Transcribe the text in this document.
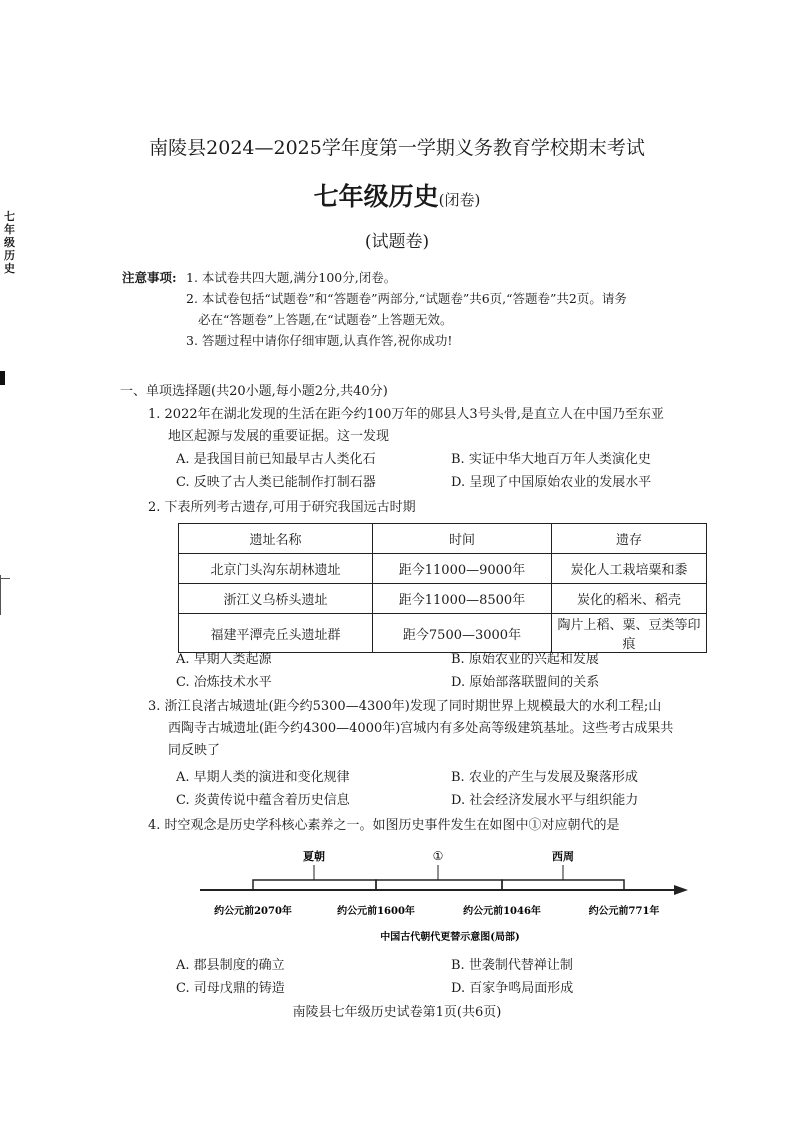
七年级历史
南陵县2024—2025学年度第一学期义务教育学校期末考试
七年级历史(闭卷)
(试题卷)
注意事项: 1. 本试卷共四大题,满分100分,闭卷。
2. 本试卷包括“试题卷”和“答题卷”两部分,“试题卷”共6页,“答题卷”共2页。请务
必在“答题卷”上答题,在“试题卷”上答题无效。
3. 答题过程中请你仔细审题,认真作答,祝你成功!
一、单项选择题(共20小题,每小题2分,共40分)
1. 2022年在湖北发现的生活在距今约100万年的郧县人3号头骨,是直立人在中国乃至东亚
地区起源与发展的重要证据。这一发现
A. 是我国目前已知最早古人类化石	B. 实证中华大地百万年人类演化史
C. 反映了古人类已能制作打制石器	D. 呈现了中国原始农业的发展水平
2. 下表所列考古遗存,可用于研究我国远古时期
遗址名称	时间	遗存
北京门头沟东胡林遗址	距今11000—9000年	炭化人工栽培粟和黍
浙江义乌桥头遗址	距今11000—8500年	炭化的稻米、稻壳
福建平潭壳丘头遗址群	距今7500—3000年	陶片上稻、粟、豆类等印痕
A. 早期人类起源	B. 原始农业的兴起和发展
C. 冶炼技术水平	D. 原始部落联盟间的关系
3. 浙江良渚古城遗址(距今约5300—4300年)发现了同时期世界上规模最大的水利工程;山
西陶寺古城遗址(距今约4300—4000年)宫城内有多处高等级建筑基址。这些考古成果共
同反映了
A. 早期人类的演进和变化规律	B. 农业的产生与发展及聚落形成
C. 炎黄传说中蕴含着历史信息	D. 社会经济发展水平与组织能力
4. 时空观念是历史学科核心素养之一。如图历史事件发生在如图中①对应朝代的是
夏朝	①	西周
约公元前2070年	约公元前1600年	约公元前1046年	约公元前771年
中国古代朝代更替示意图(局部)
A. 郡县制度的确立	B. 世袭制代替禅让制
C. 司母戊鼎的铸造	D. 百家争鸣局面形成
南陵县七年级历史试卷第1页(共6页)
